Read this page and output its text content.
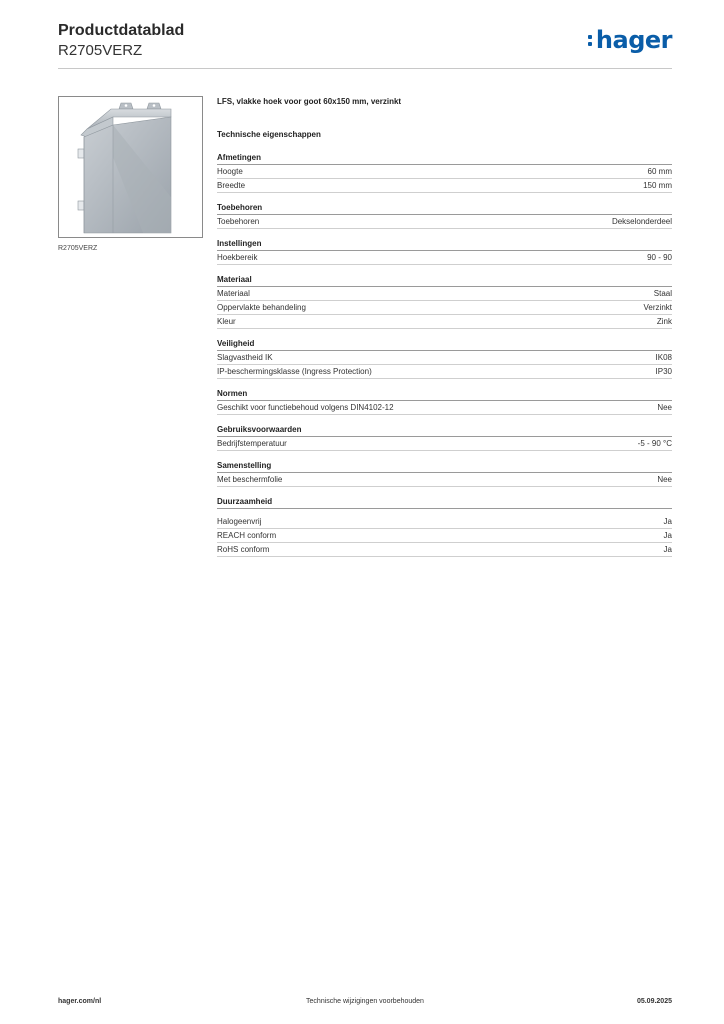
Productdatablad
R2705VERZ	hager
R2705VERZ
LFS, vlakke hoek voor goot 60x150 mm, verzinkt
Technische eigenschappen
Afmetingen
Hoogte	60 mm
Breedte	150 mm
Toebehoren
Toebehoren	Dekselonderdeel
Instellingen
Hoekbereik	90 - 90
Materiaal
Materiaal	Staal
Oppervlakte behandeling	Verzinkt
Kleur	Zink
Veiligheid
Slagvastheid IK	IK08
IP-beschermingsklasse (Ingress Protection)	IP30
Normen
Geschikt voor functiebehoud volgens DIN4102-12	Nee
Gebruiksvoorwaarden
Bedrijfstemperatuur	-5 - 90 °C
Samenstelling
Met beschermfolie	Nee
Duurzaamheid
Halogeenvrij	Ja
REACH conform	Ja
RoHS conform	Ja
Technische wijzigingen voorbehouden
hager.com/nl	05.09.2025
